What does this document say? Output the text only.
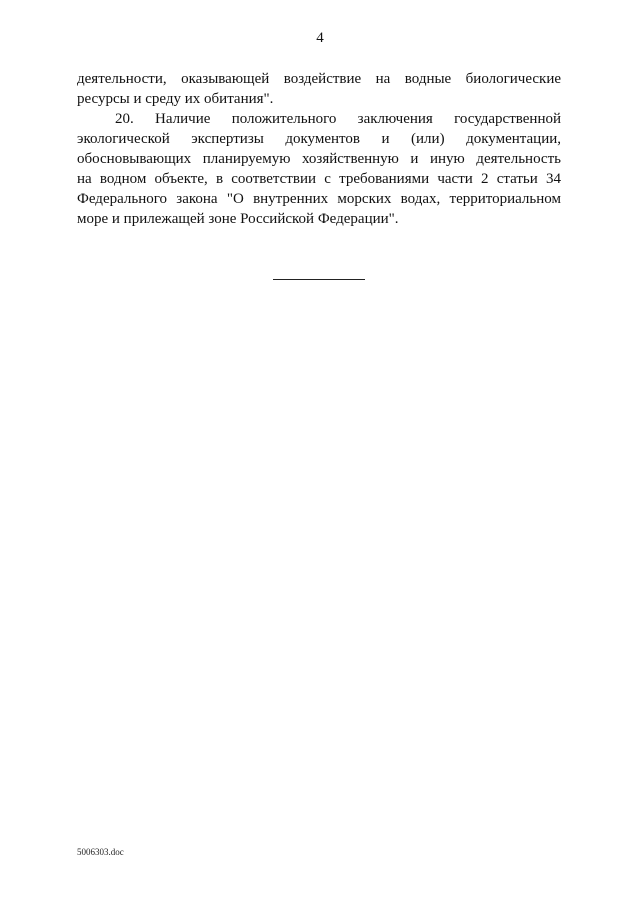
4

деятельности, оказывающей воздействие на водные биологические
ресурсы и среду их обитания".

20. Наличие положительного заключения государственной
экологической экспертизы документов и (или) документации,
обосновывающих планируемую хозяйственную и иную деятельность
на водном объекте, в соответствии с требованиями части 2 статьи 34
Федерального закона "О внутренних морских водах, территориальном
море и прилежащей зоне Российской Федерации".

5006303.doc
